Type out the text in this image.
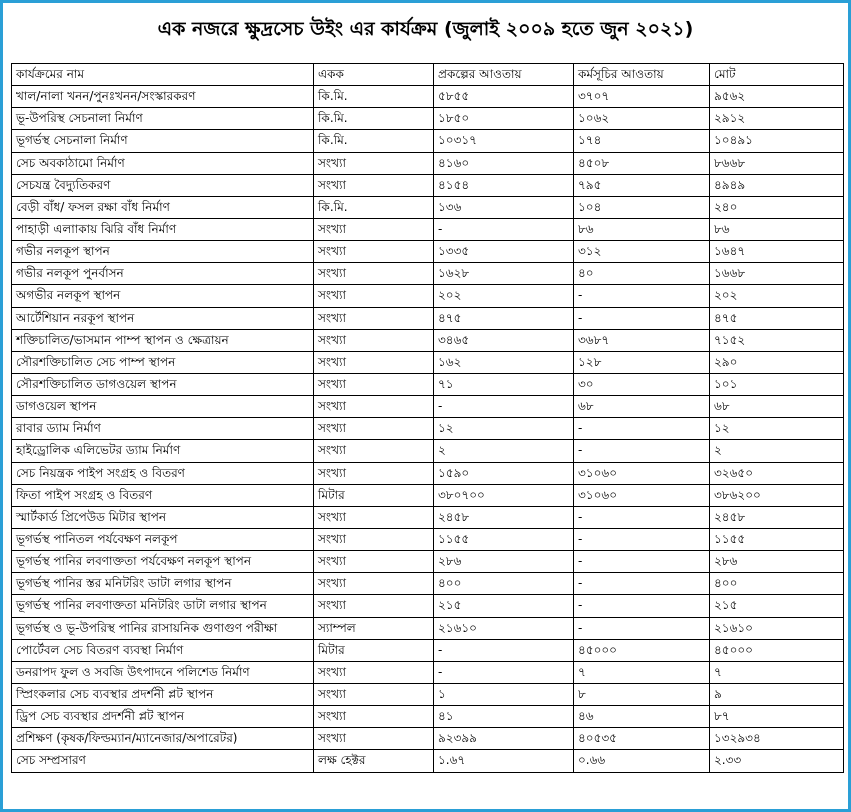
এক নজরে ক্ষুদ্রসেচ উইং এর কার্যক্রম (জুলাই ২০০৯ হতে জুন ২০২১)
কার্যক্রমের নাম	একক	প্রকল্পের আওতায়	কর্মসূচির আওতায়	মোট
খাল/নালা খনন/পুনঃখনন/সংস্কারকরণ	কি.মি.	৫৮৫৫	৩৭০৭	৯৫৬২
ভূ-উপরিস্থ সেচনালা নির্মাণ	কি.মি.	১৮৫০	১০৬২	২৯১২
ভূগর্ভস্থ সেচনালা নির্মাণ	কি.মি.	১০৩১৭	১৭৪	১০৪৯১
সেচ অবকাঠামো নির্মাণ	সংখ্যা	৪১৬০	৪৫০৮	৮৬৬৮
সেচযন্ত্র বৈদ্যুতিকরণ	সংখ্যা	৪১৫৪	৭৯৫	৪৯৪৯
বেড়ী বাঁধ/ ফসল রক্ষা বাঁধ নির্মাণ	কি.মি.	১৩৬	১০৪	২৪০
পাহাড়ী এলাাকায় ঝিরি বাঁধ নির্মাণ	সংখ্যা	-	৮৬	৮৬
গভীর নলকূপ স্থাপন	সংখ্যা	১৩৩৫	৩১২	১৬৪৭
গভীর নলকূপ পুনর্বাসন	সংখ্যা	১৬২৮	৪০	১৬৬৮
অগভীর নলকূপ স্থাপন	সংখ্যা	২০২	-	২০২
আর্টেশিয়ান নরকূপ স্থাপন	সংখ্যা	৪৭৫	-	৪৭৫
শক্তিচালিত/ভাসমান পাম্প স্থাপন ও ক্ষেত্রায়ন	সংখ্যা	৩৪৬৫	৩৬৮৭	৭১৫২
সৌরশক্তিচালিত সেচ পাম্প স্থাপন	সংখ্যা	১৬২	১২৮	২৯০
সৌরশক্তিচালিত ডাগওয়েল স্থাপন	সংখ্যা	৭১	৩০	১০১
ডাগওয়েল স্থাপন	সংখ্যা	-	৬৮	৬৮
রাবার ড্যাম নির্মাণ	সংখ্যা	১২	-	১২
হাইড্রোলিক এলিভেটর ড্যাম নির্মাণ	সংখ্যা	২	-	২
সেচ নিয়ন্ত্রক পাইপ সংগ্রহ ও বিতরণ	সংখ্যা	১৫৯০	৩১০৬০	৩২৬৫০
ফিতা পাইপ সংগ্রহ ও বিতরণ	মিটার	৩৮০৭০০	৩১০৬০	৩৮৬২০০
স্মার্টকার্ড প্রিপেউড মিটার স্থাপন	সংখ্যা	২৪৫৮	-	২৪৫৮
ভূগর্ভস্থ পানিতল পর্যবেক্ষণ নলকূপ	সংখ্যা	১১৫৫	-	১১৫৫
ভূগর্ভস্থ পানির লবণাক্ততা পর্যবেক্ষণ নলকূপ স্থাপন	সংখ্যা	২৮৬	-	২৮৬
ভূগর্ভস্থ পানির স্তর মনিটরিং ডাটা লগার স্থাপন	সংখ্যা	৪০০	-	৪০০
ভূগর্ভস্থ পানির লবণাক্ততা মনিটরিং ডাটা লগার স্থাপন	সংখ্যা	২১৫	-	২১৫
ভূগর্ভস্থ ও ভূ-উপরিস্থ পানির রাসায়নিক গুণাগুণ পরীক্ষা	স্যাম্পল	২১৬১০	-	২১৬১০
পোর্টেবল সেচ বিতরণ ব্যবস্থা নির্মাণ	মিটার	-	৪৫০০০	৪৫০০০
ডনরাপদ ফুল ও সবজি উৎপাদনে পলিশেড নির্মাণ	সংখ্যা	-	৭	৭
স্প্রিংকলার সেচ ব্যবস্থার প্রদর্শনী প্লট স্থাপন	সংখ্যা	১	৮	৯
ড্রিপ সেচ ব্যবস্থার প্রদর্শনী প্লট স্থাপন	সংখ্যা	৪১	৪৬	৮৭
প্রশিক্ষণ (কৃষক/ফিল্ডম্যান/ম্যানেজার/অপারেটর)	সংখ্যা	৯২৩৯৯	৪০৫৩৫	১৩২৯৩৪
সেচ সম্প্রসারণ	লক্ষ হেক্টর	১.৬৭	০.৬৬	২.৩৩
